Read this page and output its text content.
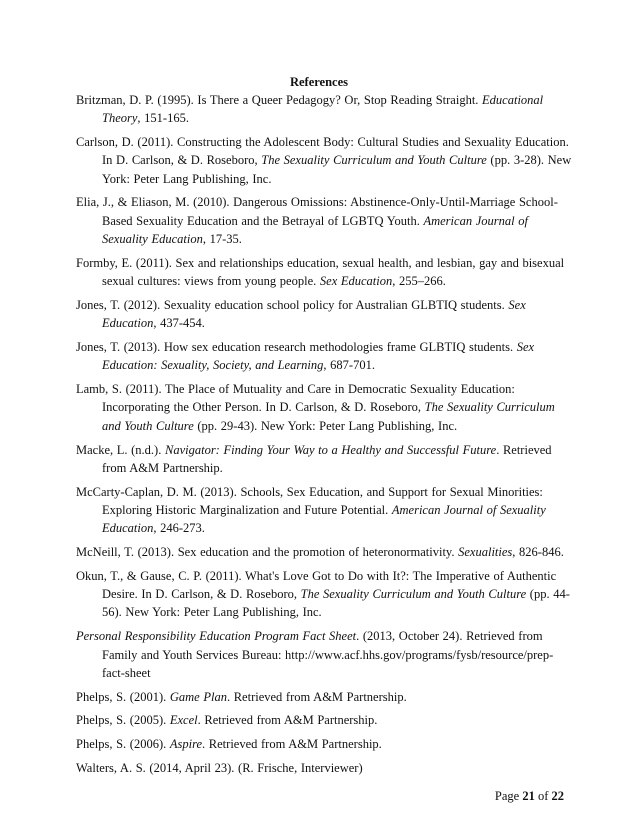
References
Britzman, D. P. (1995). Is There a Queer Pedagogy? Or, Stop Reading Straight. Educational Theory, 151-165.
Carlson, D. (2011). Constructing the Adolescent Body: Cultural Studies and Sexuality Education. In D. Carlson, & D. Roseboro, The Sexuality Curriculum and Youth Culture (pp. 3-28). New York: Peter Lang Publishing, Inc.
Elia, J., & Eliason, M. (2010). Dangerous Omissions: Abstinence-Only-Until-Marriage School-Based Sexuality Education and the Betrayal of LGBTQ Youth. American Journal of Sexuality Education, 17-35.
Formby, E. (2011). Sex and relationships education, sexual health, and lesbian, gay and bisexual sexual cultures: views from young people. Sex Education, 255–266.
Jones, T. (2012). Sexuality education school policy for Australian GLBTIQ students. Sex Education, 437-454.
Jones, T. (2013). How sex education research methodologies frame GLBTIQ students. Sex Education: Sexuality, Society, and Learning, 687-701.
Lamb, S. (2011). The Place of Mutuality and Care in Democratic Sexuality Education: Incorporating the Other Person. In D. Carlson, & D. Roseboro, The Sexuality Curriculum and Youth Culture (pp. 29-43). New York: Peter Lang Publishing, Inc.
Macke, L. (n.d.). Navigator: Finding Your Way to a Healthy and Successful Future. Retrieved from A&M Partnership.
McCarty-Caplan, D. M. (2013). Schools, Sex Education, and Support for Sexual Minorities: Exploring Historic Marginalization and Future Potential. American Journal of Sexuality Education, 246-273.
McNeill, T. (2013). Sex education and the promotion of heteronormativity. Sexualities, 826-846.
Okun, T., & Gause, C. P. (2011). What's Love Got to Do with It?: The Imperative of Authentic Desire. In D. Carlson, & D. Roseboro, The Sexuality Curriculum and Youth Culture (pp. 44-56). New York: Peter Lang Publishing, Inc.
Personal Responsibility Education Program Fact Sheet. (2013, October 24). Retrieved from Family and Youth Services Bureau: http://www.acf.hhs.gov/programs/fysb/resource/prep-fact-sheet
Phelps, S. (2001). Game Plan. Retrieved from A&M Partnership.
Phelps, S. (2005). Excel. Retrieved from A&M Partnership.
Phelps, S. (2006). Aspire. Retrieved from A&M Partnership.
Walters, A. S. (2014, April 23). (R. Frische, Interviewer)
Page 21 of 22
